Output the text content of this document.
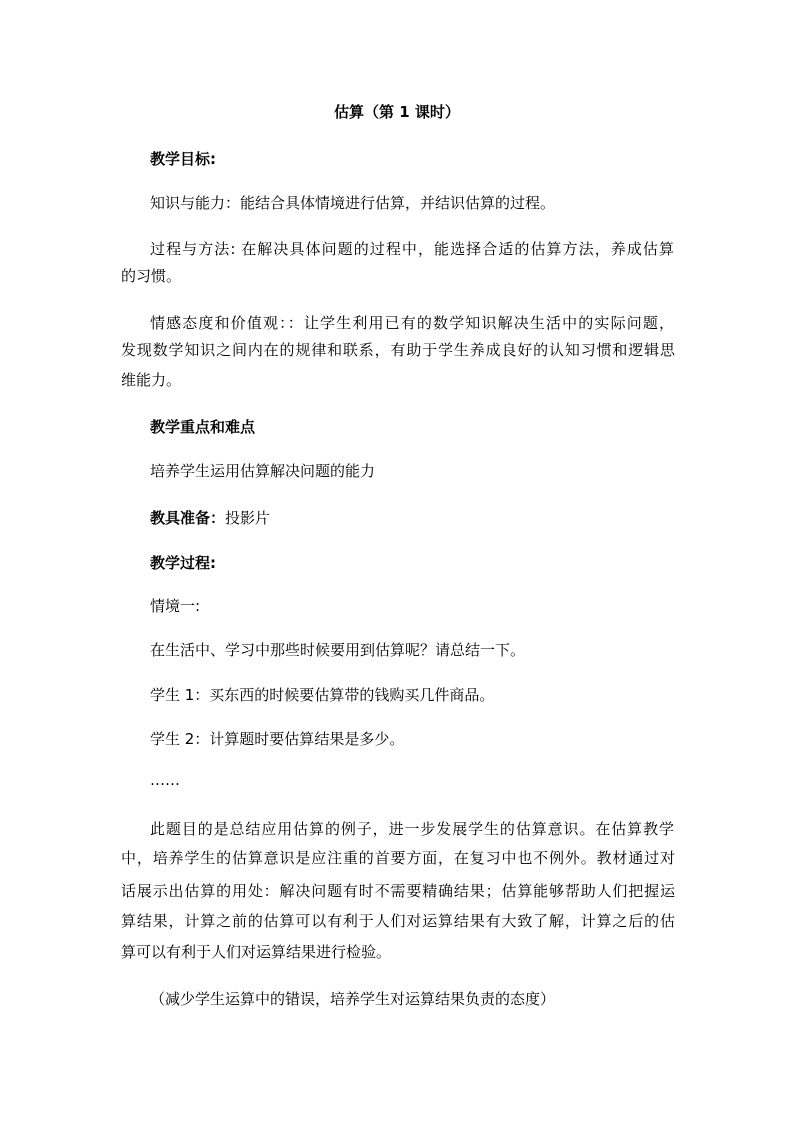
估算（第 1 课时）
教学目标:
知识与能力：能结合具体情境进行估算，并结识估算的过程。
过程与方法: 在解决具体问题的过程中，能选择合适的估算方法，养成估算
的习惯。
情感态度和价值观：：让学生利用已有的数学知识解决生活中的实际问题，
发现数学知识之间内在的规律和联系，有助于学生养成良好的认知习惯和逻辑思
维能力。
教学重点和难点
培养学生运用估算解决问题的能力
教具准备：投影片
教学过程:
情境一:
在生活中、学习中那些时候要用到估算呢？请总结一下。
学生 1：买东西的时候要估算带的钱购买几件商品。
学生 2：计算题时要估算结果是多少。
……
此题目的是总结应用估算的例子，进一步发展学生的估算意识。在估算教学
中，培养学生的估算意识是应注重的首要方面，在复习中也不例外。教材通过对
话展示出估算的用处：解决问题有时不需要精确结果；估算能够帮助人们把握运
算结果，计算之前的估算可以有利于人们对运算结果有大致了解，计算之后的估
算可以有利于人们对运算结果进行检验。
（减少学生运算中的错误，培养学生对运算结果负责的态度）
